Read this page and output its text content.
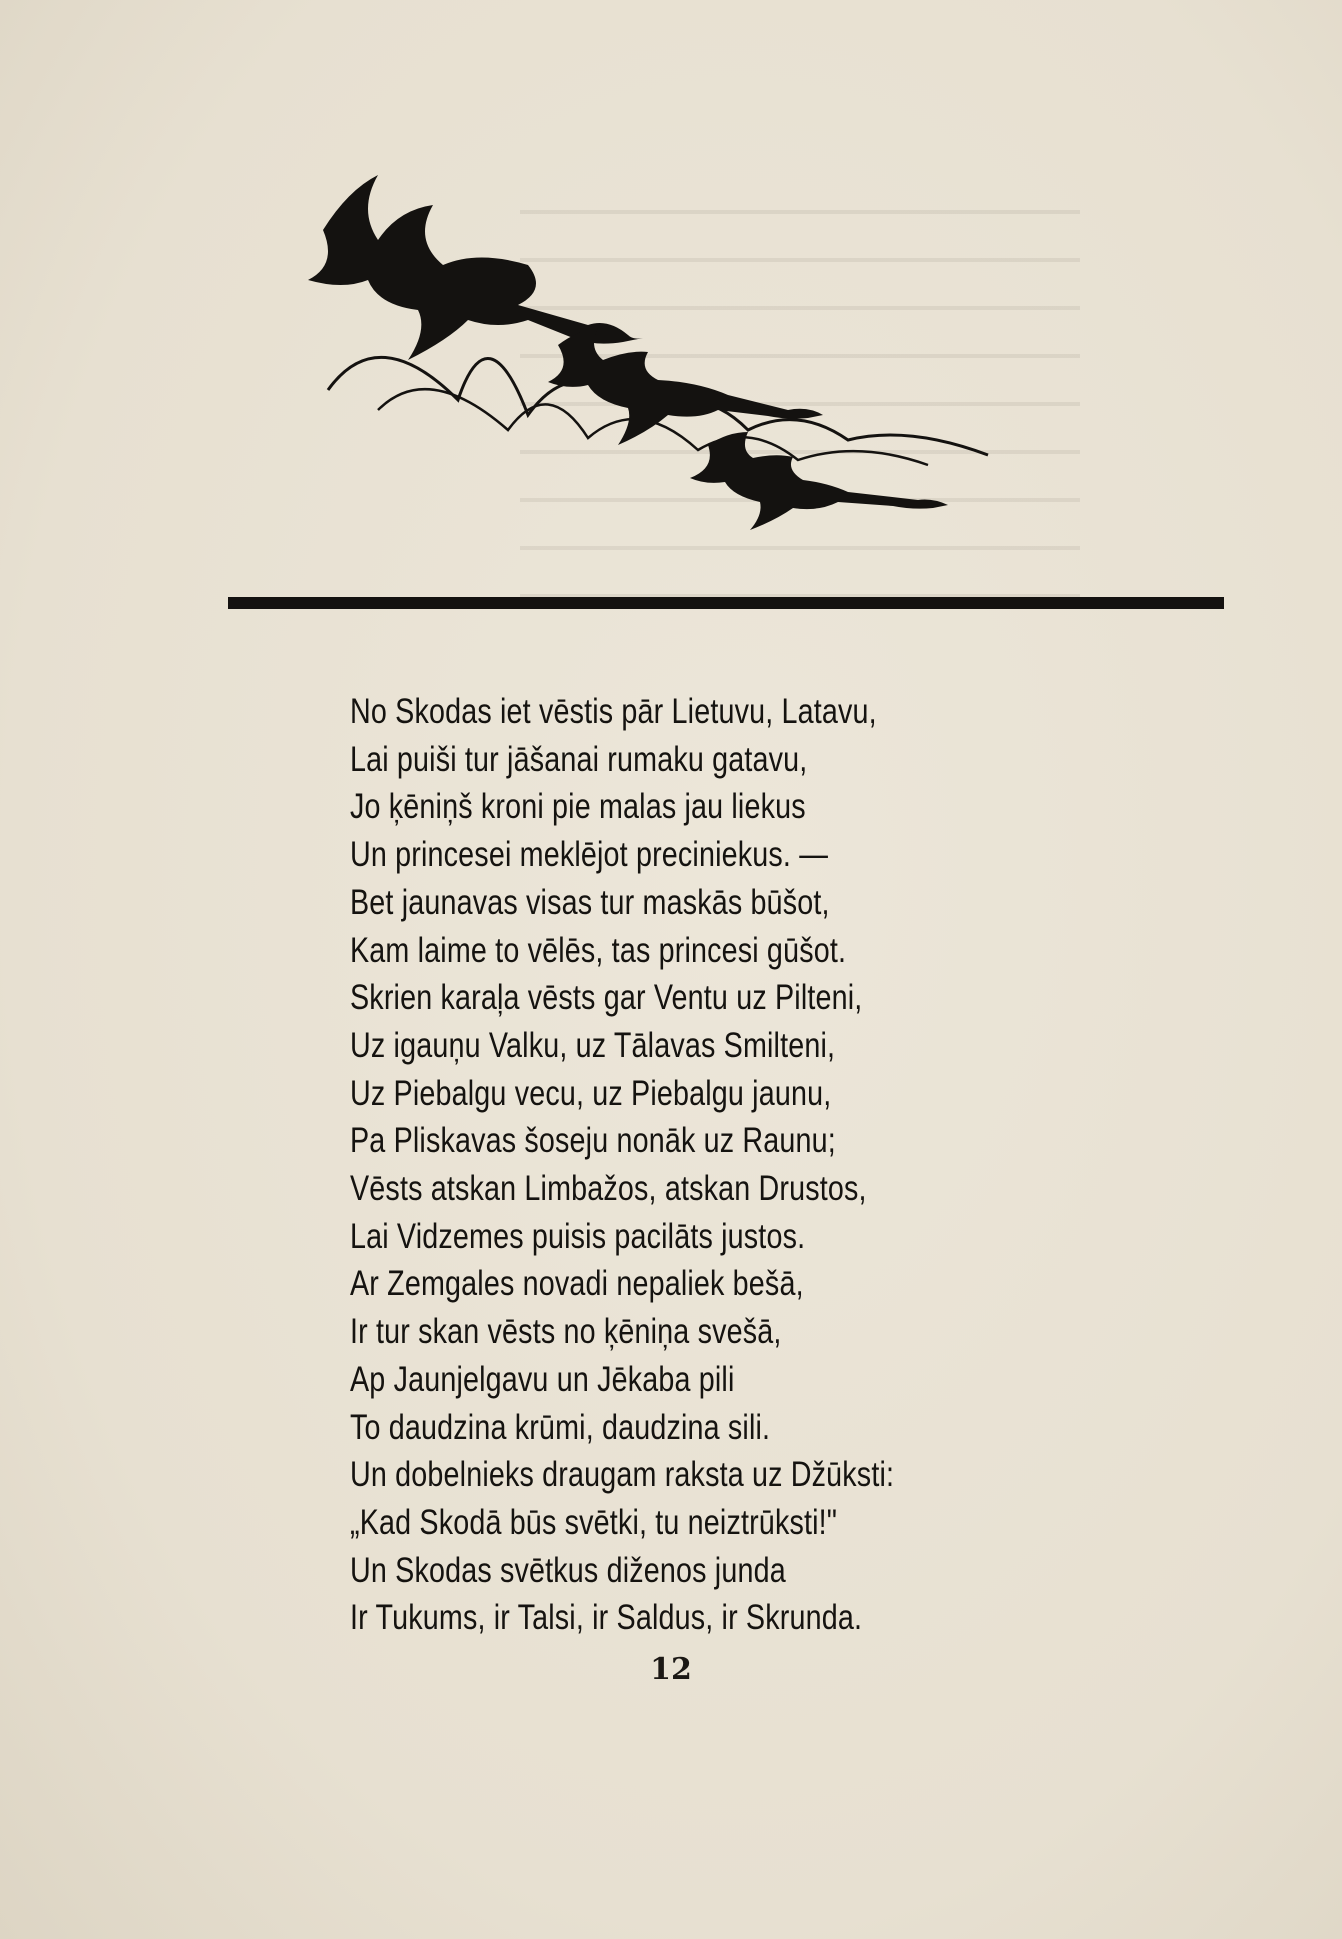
No Skodas iet vēstis pār Lietuvu, Latavu,
Lai puiši tur jāšanai rumaku gatavu,
Jo ķēniņš kroni pie malas jau liekus
Un princesei meklējot preciniekus. —
Bet jaunavas visas tur maskās būšot,
Kam laime to vēlēs, tas princesi gūšot.
Skrien karaļa vēsts gar Ventu uz Pilteni,
Uz igauņu Valku, uz Tālavas Smilteni,
Uz Piebalgu vecu, uz Piebalgu jaunu,
Pa Pliskavas šoseju nonāk uz Raunu;
Vēsts atskan Limbažos, atskan Drustos,
Lai Vidzemes puisis pacilāts justos.
Ar Zemgales novadi nepaliek bešā,
Ir tur skan vēsts no ķēniņa svešā,
Ap Jaunjelgavu un Jēkaba pili
To daudzina krūmi, daudzina sili.
Un dobelnieks draugam raksta uz Džūksti:
„Kad Skodā būs svētki, tu neiztrūksti!"
Un Skodas svētkus diženos junda
Ir Tukums, ir Talsi, ir Saldus, ir Skrunda.
12
